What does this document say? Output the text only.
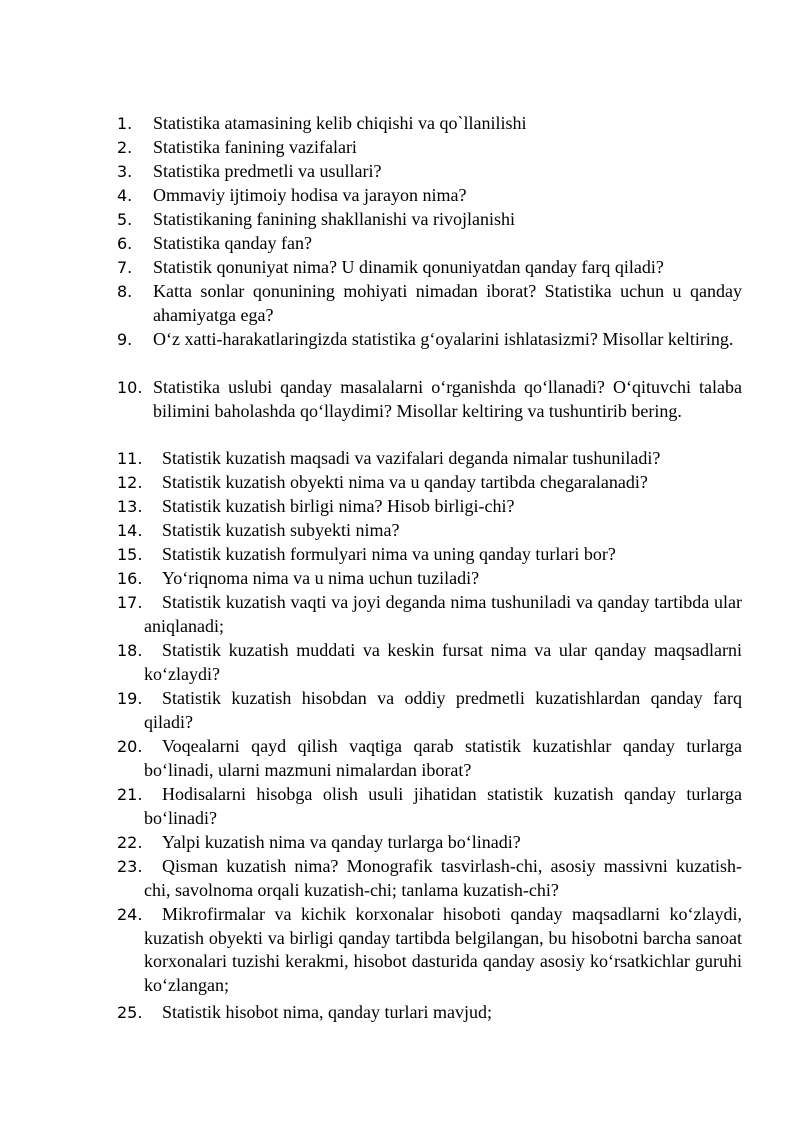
1. Statistika atamasining kelib chiqishi va qo`llanilishi
2. Statistika fanining vazifalari
3. Statistika predmetli va usullari?
4. Ommaviy ijtimoiy hodisa va jarayon nima?
5. Statistikaning fanining shakllanishi va rivojlanishi
6. Statistika qanday fan?
7. Statistik qonuniyat nima? U dinamik qonuniyatdan qanday farq qiladi?
8. Katta sonlar qonunining mohiyati nimadan iborat? Statistika uchun u qanday ahamiyatga ega?
9. O‘z xatti-harakatlaringizda statistika g‘oyalarini ishlatasizmi? Misollar keltiring.
10. Statistika uslubi qanday masalalarni o‘rganishda qo‘llanadi? O‘qituvchi talaba bilimini baholashda qo‘llaydimi? Misollar keltiring va tushuntirib bering.
11.	Statistik kuzatish maqsadi va vazifalari deganda nimalar tushuniladi?
12.	Statistik kuzatish obyekti nima va u qanday tartibda chegaralanadi?
13.	Statistik kuzatish birligi nima? Hisob birligi-chi?
14.	Statistik kuzatish subyekti nima?
15.	Statistik kuzatish formulyari nima va uning qanday turlari bor?
16.	Yo‘riqnoma nima va u nima uchun tuziladi?
17.	Statistik kuzatish vaqti va joyi deganda nima tushuniladi va qanday tartibda ular aniqlanadi;
18.	Statistik kuzatish muddati va keskin fursat nima va ular qanday maqsadlarni ko‘zlaydi?
19.	Statistik kuzatish hisobdan va oddiy predmetli kuzatishlardan qanday farq qiladi?
20.	Voqealarni qayd qilish vaqtiga qarab statistik kuzatishlar qanday turlarga bo‘linadi, ularni mazmuni nimalardan iborat?
21.	Hodisalarni hisobga olish usuli jihatidan statistik kuzatish qanday turlarga bo‘linadi?
22.	Yalpi kuzatish nima va qanday turlarga bo‘linadi?
23.	Qisman kuzatish nima? Monografik tasvirlash-chi, asosiy massivni kuzatish-chi, savolnoma orqali kuzatish-chi; tanlama kuzatish-chi?
24.	Mikrofirmalar va kichik korxonalar hisoboti qanday maqsadlarni ko‘zlaydi, kuzatish obyekti va birligi qanday tartibda belgilangan, bu hisobotni barcha sanoat korxonalari tuzishi kerakmi, hisobot dasturida qanday asosiy ko‘rsatkichlar guruhi ko‘zlangan;
25.	Statistik hisobot nima, qanday turlari mavjud;
